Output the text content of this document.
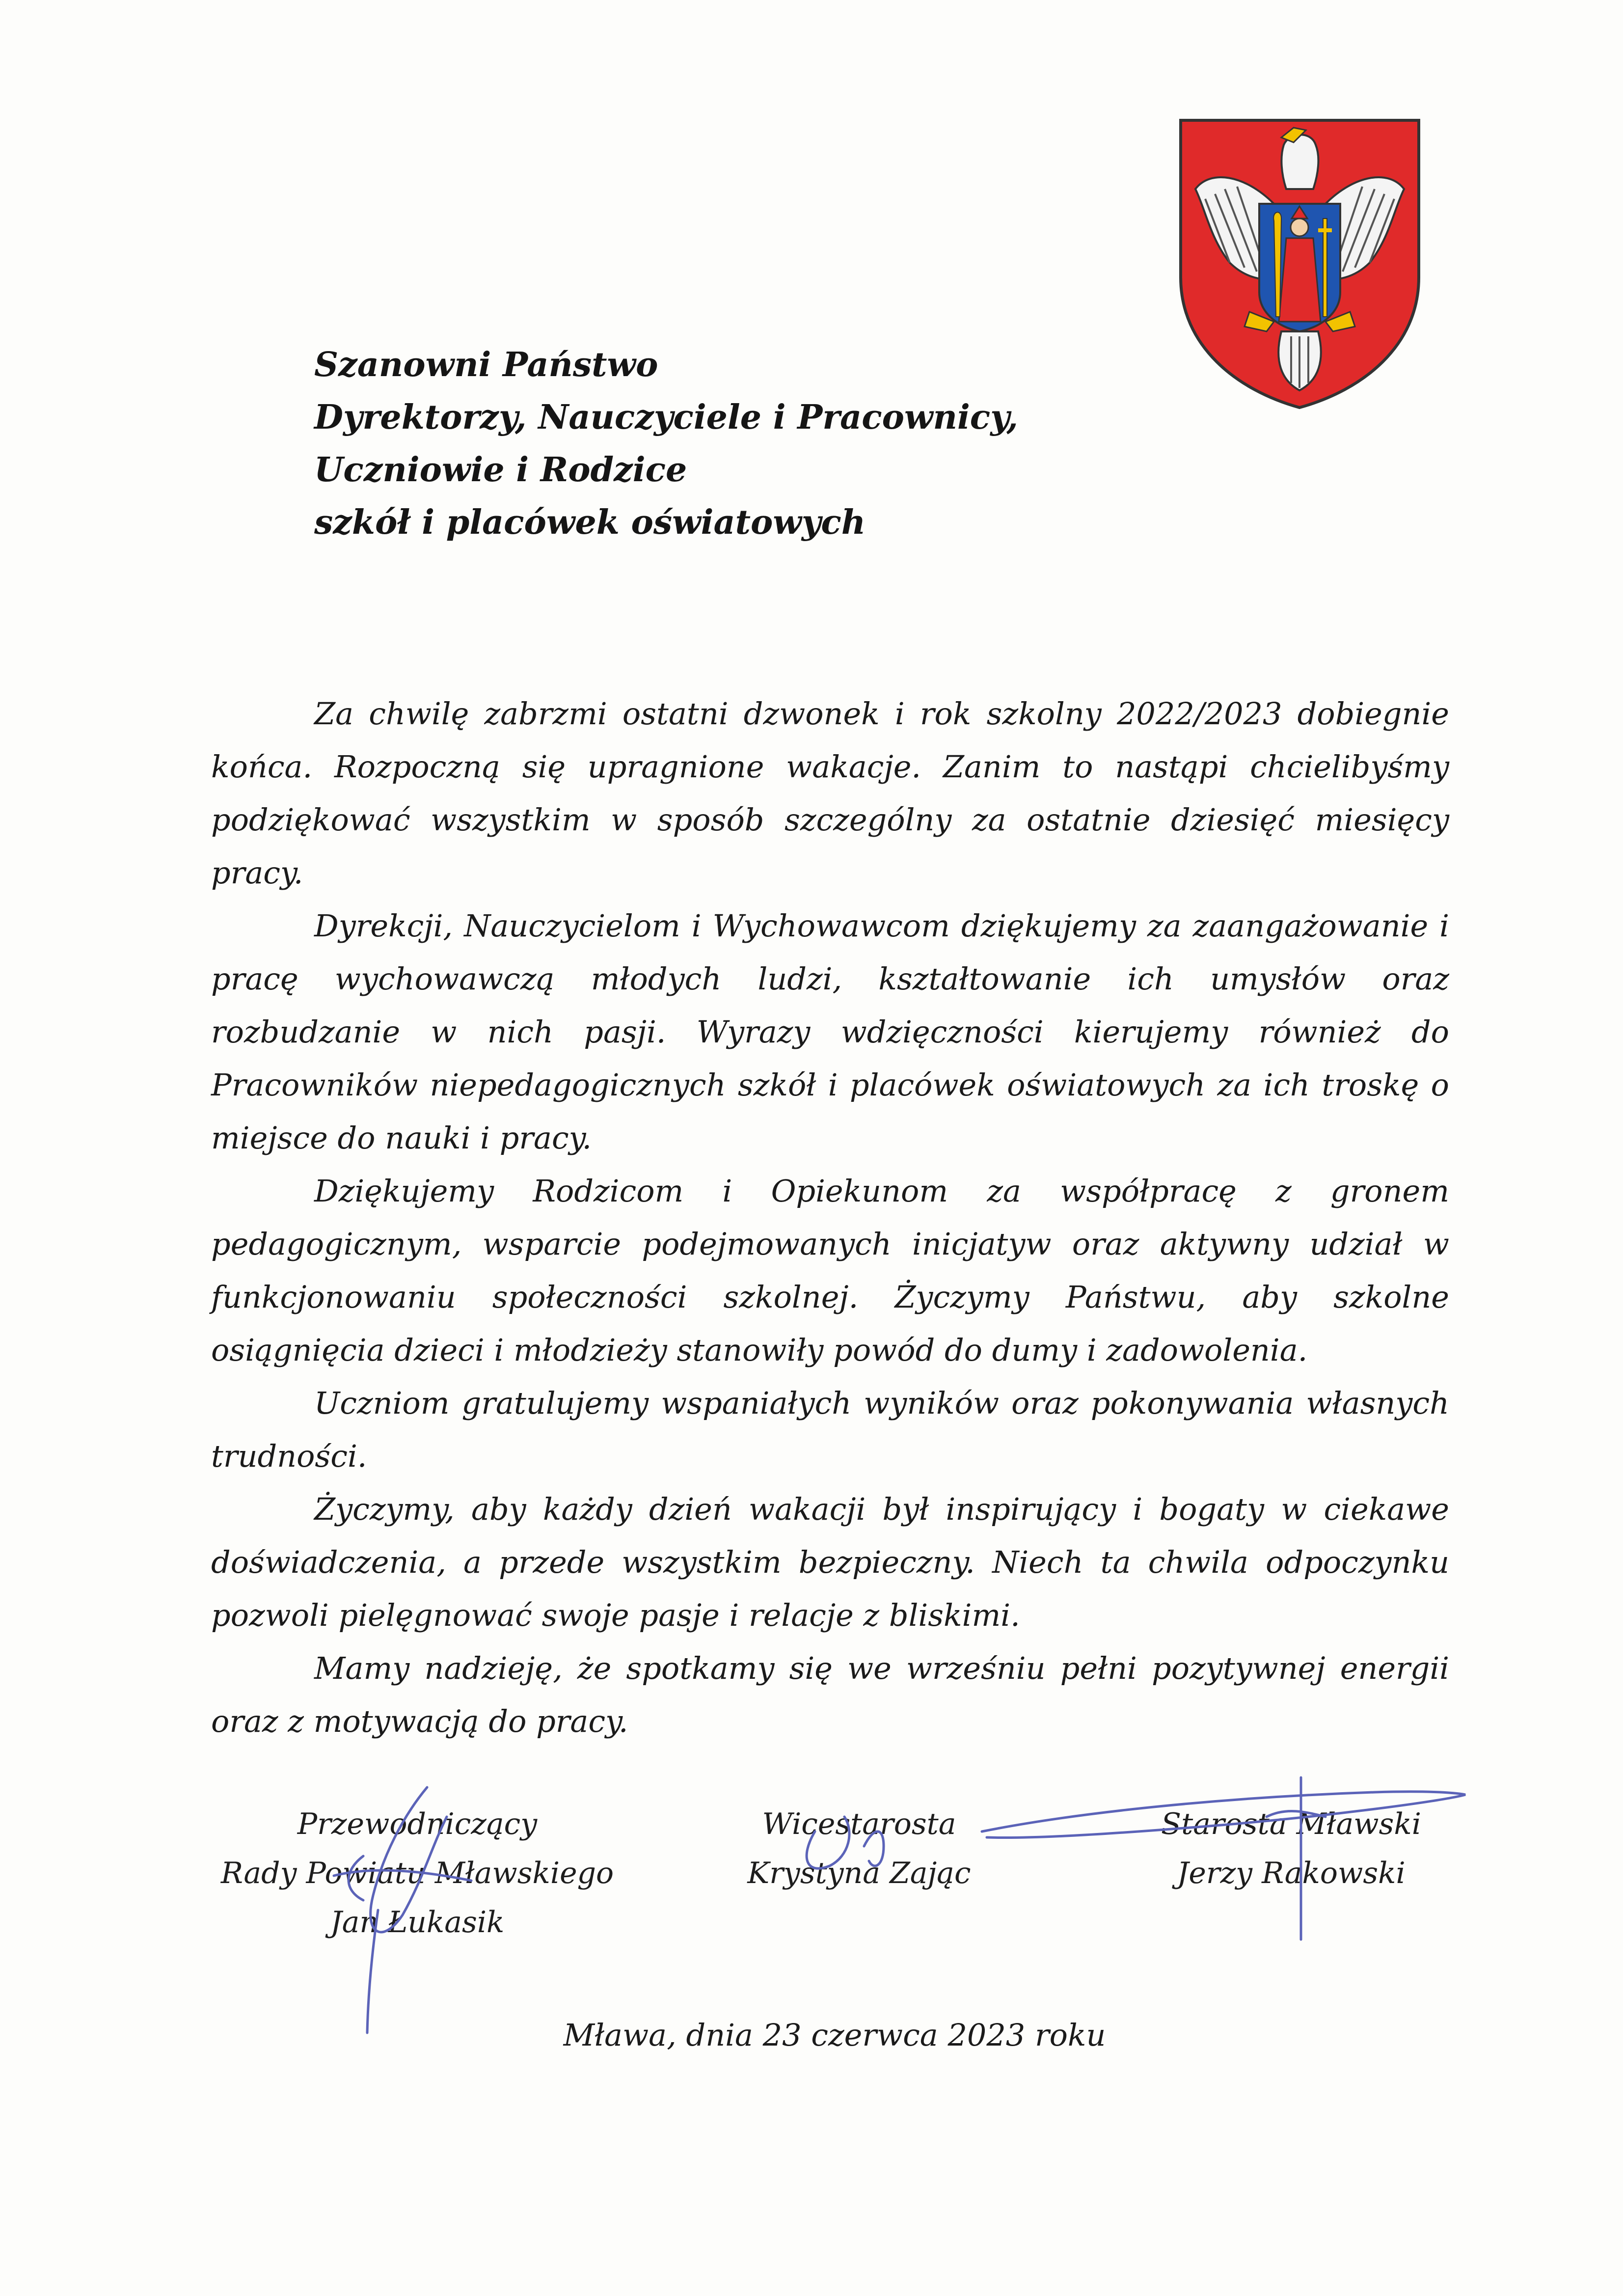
Szanowni Państwo
Dyrektorzy, Nauczyciele i Pracownicy,
Uczniowie i Rodzice
szkół i placówek oświatowych

Za chwilę zabrzmi ostatni dzwonek i rok szkolny 2022/2023 dobiegnie końca. Rozpoczną się upragnione wakacje. Zanim to nastąpi chcielibyśmy podziękować wszystkim w sposób szczególny za ostatnie dziesięć miesięcy pracy.

Dyrekcji, Nauczycielom i Wychowawcom dziękujemy za zaangażowanie i pracę wychowawczą młodych ludzi, kształtowanie ich umysłów oraz rozbudzanie w nich pasji. Wyrazy wdzięczności kierujemy również do Pracowników niepedagogicznych szkół i placówek oświatowych za ich troskę o miejsce do nauki i pracy.

Dziękujemy Rodzicom i Opiekunom za współpracę z gronem pedagogicznym, wsparcie podejmowanych inicjatyw oraz aktywny udział w funkcjonowaniu społeczności szkolnej. Życzymy Państwu, aby szkolne osiągnięcia dzieci i młodzieży stanowiły powód do dumy i zadowolenia.

Uczniom gratulujemy wspaniałych wyników oraz pokonywania własnych trudności.

Życzymy, aby każdy dzień wakacji był inspirujący i bogaty w ciekawe doświadczenia, a przede wszystkim bezpieczny. Niech ta chwila odpoczynku pozwoli pielęgnować swoje pasje i relacje z bliskimi.

Mamy nadzieję, że spotkamy się we wrześniu pełni pozytywnej energii oraz z motywacją do pracy.

Przewodniczący
Rady Powiatu Mławskiego
Jan Łukasik
Wicestarosta
Krystyna Zając
Starosta Mławski
Jerzy Rakowski
Mława, dnia 23 czerwca 2023 roku
